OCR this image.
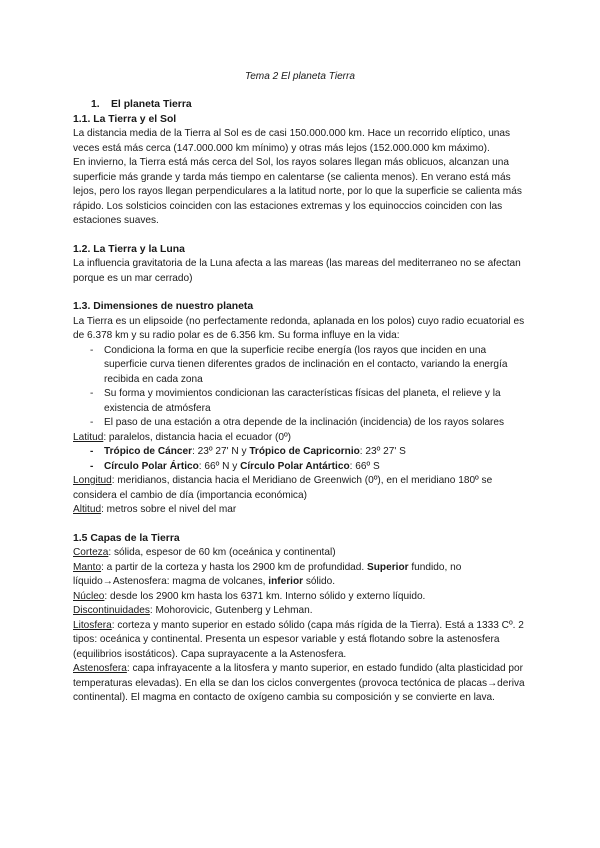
Tema 2 El planeta Tierra

1. El planeta Tierra

1.1. La Tierra y el Sol

La distancia media de la Tierra al Sol es de casi 150.000.000 km. Hace un recorrido elíptico, unas veces está más cerca (147.000.000 km mínimo) y otras más lejos (152.000.000 km máximo).

En invierno, la Tierra está más cerca del Sol, los rayos solares llegan más oblicuos, alcanzan una superficie más grande y tarda más tiempo en calentarse (se calienta menos). En verano está más lejos, pero los rayos llegan perpendiculares a la latitud norte, por lo que la superficie se calienta más rápido. Los solsticios coinciden con las estaciones extremas y los equinoccios coinciden con las estaciones suaves.

1.2. La Tierra y la Luna

La influencia gravitatoria de la Luna afecta a las mareas (las mareas del mediterraneo no se afectan porque es un mar cerrado)

1.3. Dimensiones de nuestro planeta

La Tierra es un elipsoide (no perfectamente redonda, aplanada en los polos) cuyo radio ecuatorial es de 6.378 km y su radio polar es de 6.356 km. Su forma influye en la vida:

- Condiciona la forma en que la superficie recibe energía (los rayos que inciden en una superficie curva tienen diferentes grados de inclinación en el contacto, variando la energía recibida en cada zona
- Su forma y movimientos condicionan las características físicas del planeta, el relieve y la existencia de atmósfera
- El paso de una estación a otra depende de la inclinación (incidencia) de los rayos solares

Latitud: paralelos, distancia hacia el ecuador (0º)

- Trópico de Cáncer: 23º 27' N y Trópico de Capricornio: 23º 27' S
- Círculo Polar Ártico: 66º N y Círculo Polar Antártico: 66º S

Longitud: meridianos, distancia hacia el Meridiano de Greenwich (0º), en el meridiano 180º se considera el cambio de día (importancia económica)

Altitud: metros sobre el nivel del mar

1.5 Capas de la Tierra

Corteza: sólida, espesor de 60 km (oceánica y continental)

Manto: a partir de la corteza y hasta los 2900 km de profundidad. Superior fundido, no líquido→Astenosfera: magma de volcanes, inferior sólido.

Núcleo: desde los 2900 km hasta los 6371 km. Interno sólido y externo líquido.

Discontinuidades: Mohorovicic, Gutenberg y Lehman.

Litosfera: corteza y manto superior en estado sólido (capa más rígida de la Tierra). Está a 1333 Cº. 2 tipos: oceánica y continental. Presenta un espesor variable y está flotando sobre la astenosfera (equilibrios isostáticos). Capa suprayacente a la Astenosfera.

Astenosfera: capa infrayacente a la litosfera y manto superior, en estado fundido (alta plasticidad por temperaturas elevadas). En ella se dan los ciclos convergentes (provoca tectónica de placas→deriva continental). El magma en contacto de oxígeno cambia su composición y se convierte en lava.
